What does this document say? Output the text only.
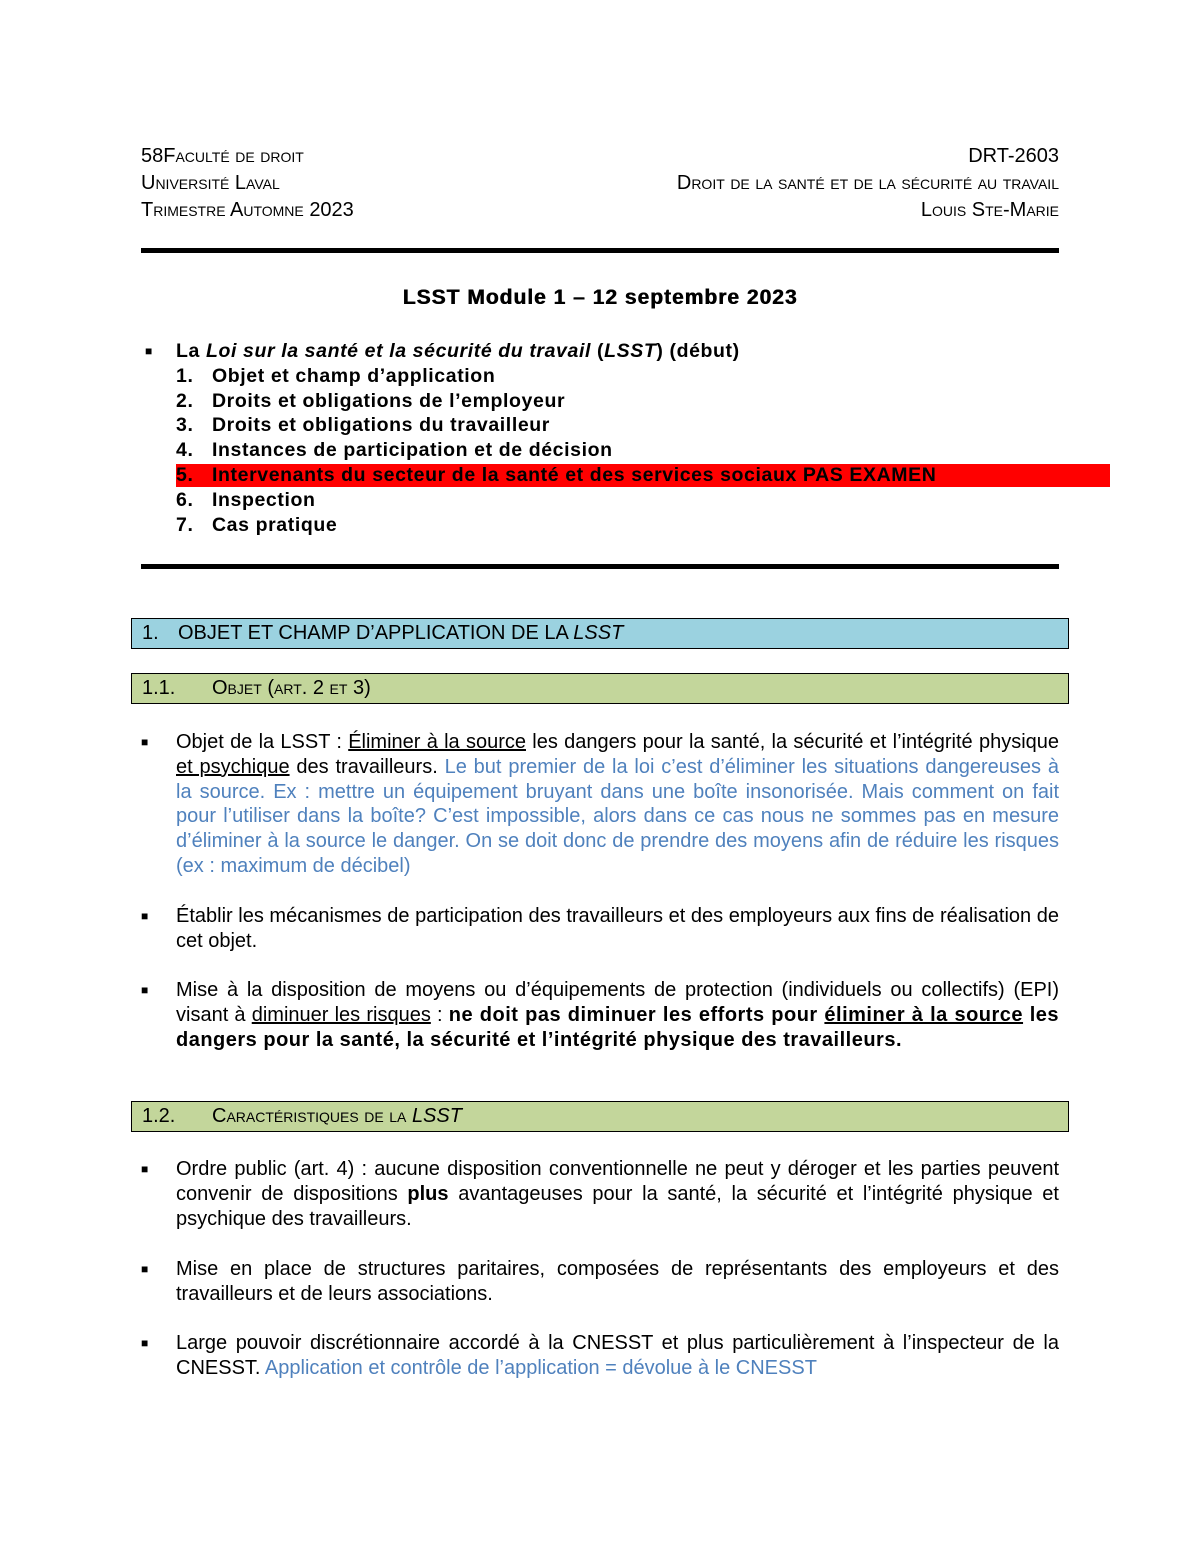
58Faculté de droit
Université Laval
Trimestre Automne 2023
DRT-2603
Droit de la santé et de la sécurité au travail
Louis Ste-Marie
LSST Module 1 – 12 septembre 2023
■ La Loi sur la santé et la sécurité du travail (LSST) (début)
1. Objet et champ d’application
2. Droits et obligations de l’employeur
3. Droits et obligations du travailleur
4. Instances de participation et de décision
5. Intervenants du secteur de la santé et des services sociaux PAS EXAMEN
6. Inspection
7. Cas pratique
1. OBJET ET CHAMP D’APPLICATION DE LA LSST
1.1.	Objet (art. 2 et 3)
■ Objet de la LSST : Éliminer à la source les dangers pour la santé, la sécurité et l’intégrité physique et psychique des travailleurs. Le but premier de la loi c’est d’éliminer les situations dangereuses à la source. Ex : mettre un équipement bruyant dans une boîte insonorisée. Mais comment on fait pour l’utiliser dans la boîte? C’est impossible, alors dans ce cas nous ne sommes pas en mesure d’éliminer à la source le danger. On se doit donc de prendre des moyens afin de réduire les risques (ex : maximum de décibel)
■ Établir les mécanismes de participation des travailleurs et des employeurs aux fins de réalisation de cet objet.
■ Mise à la disposition de moyens ou d’équipements de protection (individuels ou collectifs) (EPI) visant à diminuer les risques : ne doit pas diminuer les efforts pour éliminer à la source les dangers pour la santé, la sécurité et l’intégrité physique des travailleurs.
1.2.	Caractéristiques de la LSST
■ Ordre public (art. 4) : aucune disposition conventionnelle ne peut y déroger et les parties peuvent convenir de dispositions plus avantageuses pour la santé, la sécurité et l’intégrité physique et psychique des travailleurs.
■ Mise en place de structures paritaires, composées de représentants des employeurs et des travailleurs et de leurs associations.
■ Large pouvoir discrétionnaire accordé à la CNESST et plus particulièrement à l’inspecteur de la CNESST. Application et contrôle de l’application = dévolue à le CNESST
